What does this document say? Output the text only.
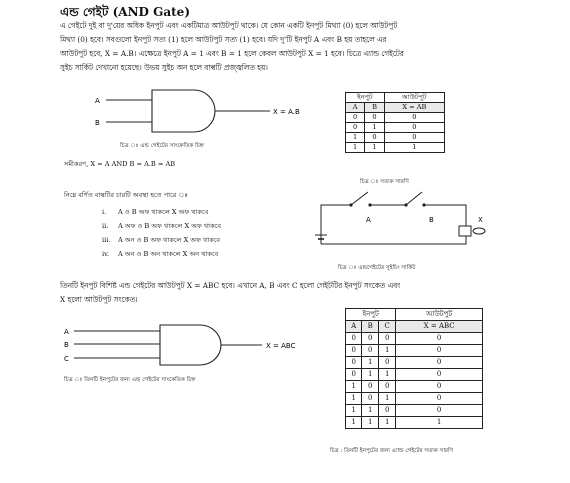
এন্ড গেইট (AND Gate)
এ গেইটে দুই বা দু'য়ের অধিক ইনপুট এবং একটিমাত্র আউটপুট থাকে। যে কোন একটি ইনপুট মিথ্যা (0) হলে আউটপুট
মিথ্যা (0) হবে। সবগুলো ইনপুট সত্য (1) হলে আউটপুট সত্য (1) হবে। যদি দু'টি ইনপুট A এবং B হয় তাহলে এর
আউটপুট হবে, X = A.B। এক্ষেত্রে ইনপুট A = 1 এবং B = 1 হলে কেবল আউটপুট X = 1 হবে। চিত্রে এ্যান্ড গেইটের
সুইচ সার্কিট দেখানো হয়েছে। উভয় সুইচ অন হলে বাল্বটি প্রজ্জ্বলিত হয়।
A
B
X = A.B
চিত্র ঃ এন্ড গেইটের সাংকেতিক চিহ্ন
সমীকরণ, X = A AND B = A.B = AB
ইনপুট		আউটপুট
A	B	X = AB
0	0	0
0	1	0
1	0	0
1	1	1
চিত্র ঃ সত্যক সারণি
নিম্নে বর্ণিত বাল্বটির চারটি অবস্থা হতে পারে ঃ
i. A ও B অফ থাকলে X অফ থাকবে
ii. A অফ ও B অফ থাকলে X অফ থাকবে
iii. A অন ও B অফ থাকলে X অফ থাকবে
iv. A অন ও B অন থাকলে X অন থাকবে
A	B	X
চিত্র ঃ এন্ডগেইটের সুইচিং সার্কিট
তিনটি ইনপুট বিশিষ্ট এন্ড গেইটের আউটপুট X = ABC হবে। এখানে A, B এবং C হলো গেইটটির ইনপুট সংকেত এবং
X হলো আউটপুট সংকেত।
A
B
C
X = ABC
চিত্র ঃ তিনটি ইনপুটের জন্য এন্ড গেইটের সাংকেতিক চিহ্ন
ইনপুট			আউটপুট
A	B	C	X = ABC
0	0	0	0
0	0	1	0
0	1	0	0
0	1	1	0
1	0	0	0
1	0	1	0
1	1	0	0
1	1	1	1
চিত্র : তিনটি ইনপুটের জন্য এ্যান্ড গেইটের সত্যক সারণি
